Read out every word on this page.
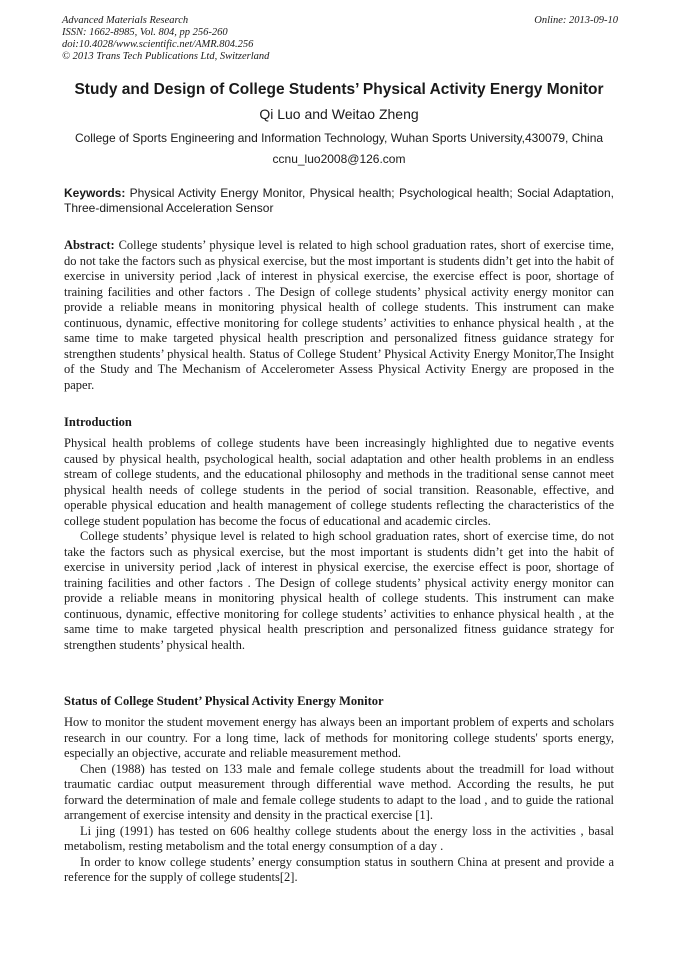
Advanced Materials Research
ISSN: 1662-8985, Vol. 804, pp 256-260
doi:10.4028/www.scientific.net/AMR.804.256
© 2013 Trans Tech Publications Ltd, Switzerland
Online: 2013-09-10
Study and Design of College Students’ Physical Activity Energy Monitor
Qi Luo and Weitao Zheng
College of Sports Engineering and Information Technology, Wuhan Sports University,430079, China
ccnu_luo2008@126.com
Keywords: Physical Activity Energy Monitor, Physical health; Psychological health; Social Adaptation, Three-dimensional Acceleration Sensor
Abstract: College students’ physique level is related to high school graduation rates, short of exercise time, do not take the factors such as physical exercise, but the most important is students didn’t get into the habit of exercise in university period ,lack of interest in physical exercise, the exercise effect is poor, shortage of training facilities and other factors . The Design of college students’ physical activity energy monitor can provide a reliable means in monitoring physical health of college students. This instrument can make continuous, dynamic, effective monitoring for college students’ activities to enhance physical health , at the same time to make targeted physical health prescription and personalized fitness guidance strategy for strengthen students’ physical health. Status of College Student’ Physical Activity Energy Monitor,The Insight of the Study and The Mechanism of Accelerometer Assess Physical Activity Energy are proposed in the paper.
Introduction

Physical health problems of college students have been increasingly highlighted due to negative events caused by physical health, psychological health, social adaptation and other health problems in an endless stream of college students, and the educational philosophy and methods in the traditional sense cannot meet physical health needs of college students in the period of social transition. Reasonable, effective, and operable physical education and health management of college students reflecting the characteristics of the college student population has become the focus of educational and academic circles.

College students’ physique level is related to high school graduation rates, short of exercise time, do not take the factors such as physical exercise, but the most important is students didn’t get into the habit of exercise in university period ,lack of interest in physical exercise, the exercise effect is poor, shortage of training facilities and other factors . The Design of college students’ physical activity energy monitor can provide a reliable means in monitoring physical health of college students. This instrument can make continuous, dynamic, effective monitoring for college students’ activities to enhance physical health , at the same time to make targeted physical health prescription and personalized fitness guidance strategy for strengthen students’ physical health.

Status of College Student’ Physical Activity Energy Monitor

How to monitor the student movement energy has always been an important problem of experts and scholars research in our country. For a long time, lack of methods for monitoring college students' sports energy, especially an objective, accurate and reliable measurement method.

Chen (1988) has tested on 133 male and female college students about the treadmill for load without traumatic cardiac output measurement through differential wave method. According the results, he put forward the determination of male and female college students to adapt to the load , and to guide the rational arrangement of exercise intensity and density in the practical exercise [1].

Li jing (1991) has tested on 606 healthy college students about the energy loss in the activities , basal metabolism, resting metabolism and the total energy consumption of a day .

In order to know college students’ energy consumption status in southern China at present and provide a reference for the supply of college students[2].
